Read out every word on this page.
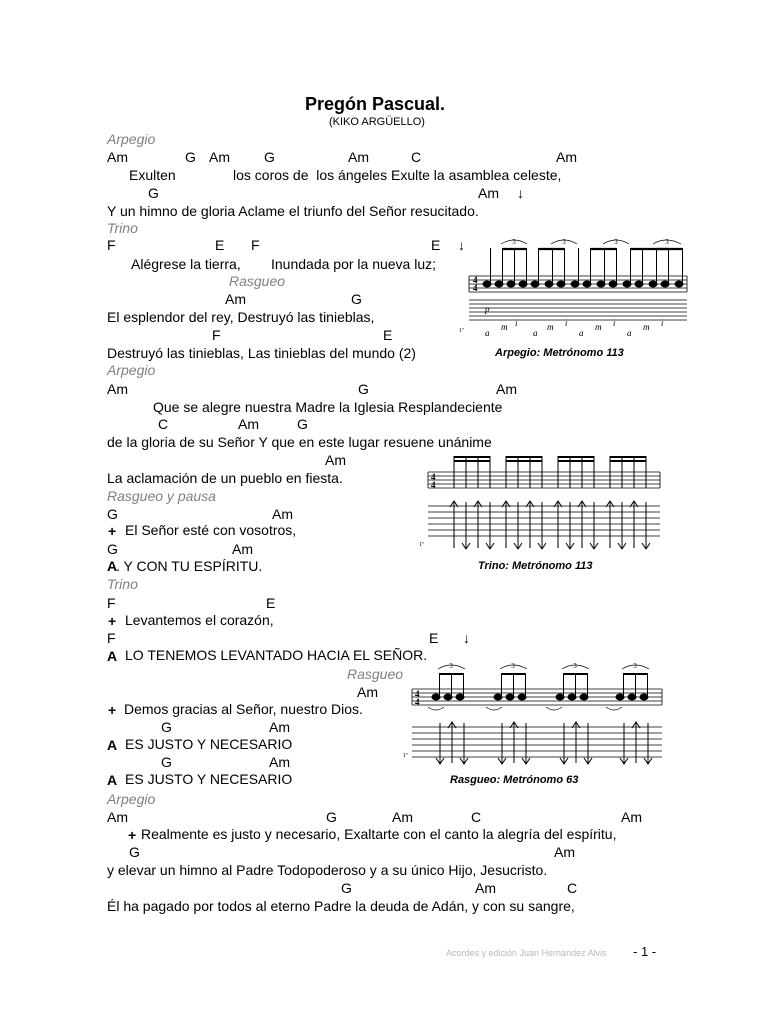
Pregón Pascual.
(KIKO ARGÜELLO)
Arpegio
Am	G Am G	Am	C	Am
Exulten	los coros de  los ángeles Exulte la asamblea celeste,
G	Am ↓
Y un himno de gloria Aclame el triunfo del Señor resucitado.
Trino
F	E F	E ↓
Alégrese la tierra, Inundada por la nueva luz;
Rasgueo
Am	G
El esplendor del rey, Destruyó las tinieblas,
F	E
Destruyó las tinieblas, Las tinieblas del mundo (2)
Arpegio
Am	G	Am
Que se alegre nuestra Madre la Iglesia Resplandeciente
C	Am	G
de la gloria de su Señor Y que en este lugar resuene unánime
Am
La aclamación de un pueblo en fiesta.
Rasgueo y pausa
G	Am
+ El Señor esté con vosotros,
G	Am
A
. Y CON TU ESPÍRITU.
Trino
F	E
+ Levantemos el corazón,
F	E ↓
A LO TENEMOS LEVANTADO HACIA EL SEÑOR.
Rasgueo
Am
+ Demos gracias al Señor, nuestro Dios.
G	Am
A ES JUSTO Y NECESARIO
G	Am
A ES JUSTO Y NECESARIO
Arpegio
Am	G	Am	C	Am
+ Realmente es justo y necesario, Exaltarte con el canto la alegría del espíritu,
G	Am
y elevar un himno al Padre Todopoderoso y a su único Hijo, Jesucristo.
G	Am	C
Él ha pagado por todos al eterno Padre la deuda de Adán, y con su sangre,
4
4
3	3	3	3
p
a
m i
a
m i
a
m i
a
m i
1ª
Arpegio: Metrónomo 113
4
4
1ª
Trino: Metrónomo 113
4
4
3	3	3	3
1ª
Rasgueo: Metrónomo 63
Acordes y edición Juan Hernandez Alvis - 1 -
